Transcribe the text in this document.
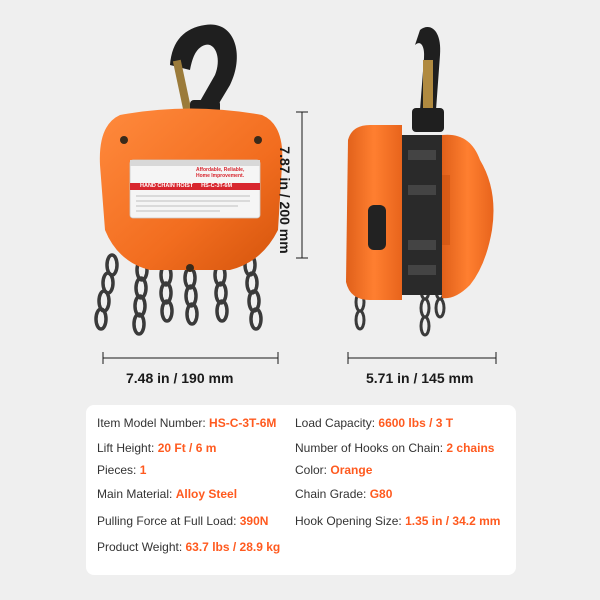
Affordable, Reliable,
Home Improvement.
HAND CHAIN HOIST HS-C-3T-6M	7.87 in / 200 mm
7.48 in / 190 mm	5.71 in / 145 mm
Item Model Number: HS-C-3T-6M
Lift Height: 20 Ft / 6 m
Pieces: 1
Main Material: Alloy Steel
Pulling Force at Full Load: 390N
Product Weight: 63.7 lbs / 28.9 kg
Load Capacity: 6600 lbs / 3 T
Number of Hooks on Chain: 2 chains
Color: Orange
Chain Grade: G80
Hook Opening Size: 1.35 in / 34.2 mm
